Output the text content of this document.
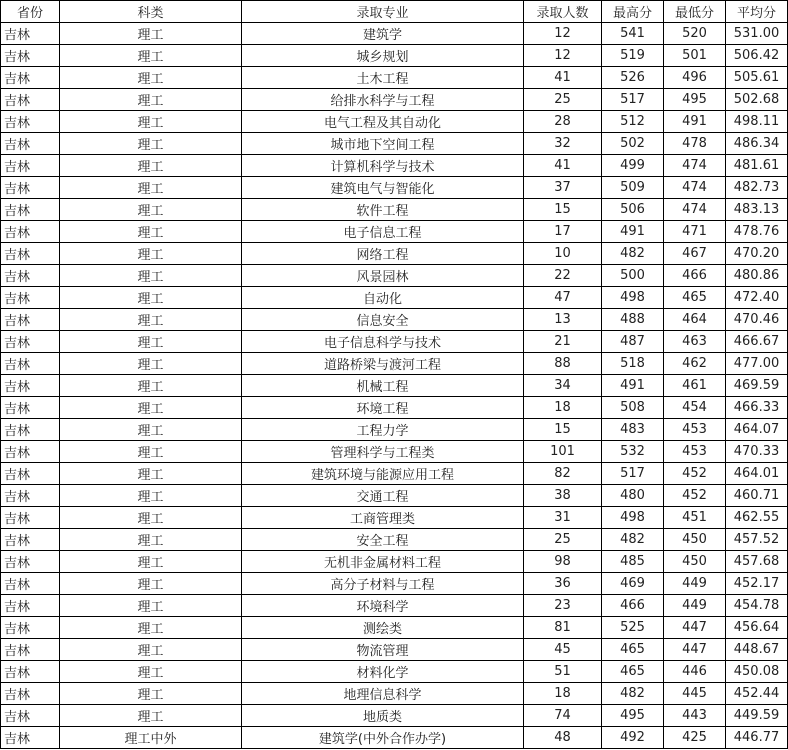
省份	科类	录取专业	录取人数	最高分	最低分	平均分
吉林	理工	建筑学	12	541	520	531.00
吉林	理工	城乡规划	12	519	501	506.42
吉林	理工	土木工程	41	526	496	505.61
吉林	理工	给排水科学与工程	25	517	495	502.68
吉林	理工	电气工程及其自动化	28	512	491	498.11
吉林	理工	城市地下空间工程	32	502	478	486.34
吉林	理工	计算机科学与技术	41	499	474	481.61
吉林	理工	建筑电气与智能化	37	509	474	482.73
吉林	理工	软件工程	15	506	474	483.13
吉林	理工	电子信息工程	17	491	471	478.76
吉林	理工	网络工程	10	482	467	470.20
吉林	理工	风景园林	22	500	466	480.86
吉林	理工	自动化	47	498	465	472.40
吉林	理工	信息安全	13	488	464	470.46
吉林	理工	电子信息科学与技术	21	487	463	466.67
吉林	理工	道路桥梁与渡河工程	88	518	462	477.00
吉林	理工	机械工程	34	491	461	469.59
吉林	理工	环境工程	18	508	454	466.33
吉林	理工	工程力学	15	483	453	464.07
吉林	理工	管理科学与工程类	101	532	453	470.33
吉林	理工	建筑环境与能源应用工程	82	517	452	464.01
吉林	理工	交通工程	38	480	452	460.71
吉林	理工	工商管理类	31	498	451	462.55
吉林	理工	安全工程	25	482	450	457.52
吉林	理工	无机非金属材料工程	98	485	450	457.68
吉林	理工	高分子材料与工程	36	469	449	452.17
吉林	理工	环境科学	23	466	449	454.78
吉林	理工	测绘类	81	525	447	456.64
吉林	理工	物流管理	45	465	447	448.67
吉林	理工	材料化学	51	465	446	450.08
吉林	理工	地理信息科学	18	482	445	452.44
吉林	理工	地质类	74	495	443	449.59
吉林	理工中外	建筑学(中外合作办学)	48	492	425	446.77
